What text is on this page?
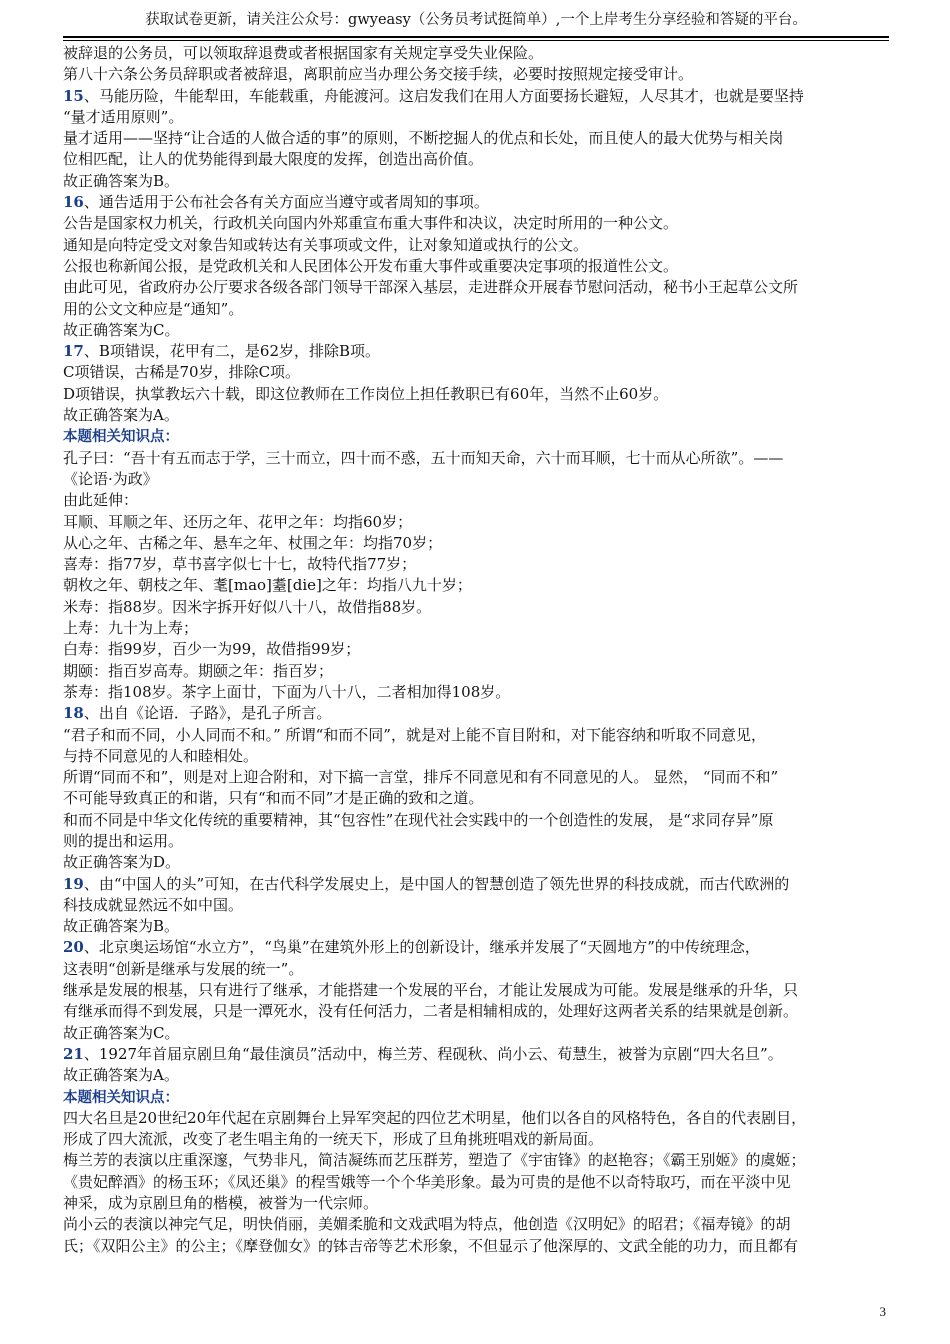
获取试卷更新，请关注公众号：gwyeasy（公务员考试挺简单）,一个上岸考生分享经验和答疑的平台。
被辞退的公务员，可以领取辞退费或者根据国家有关规定享受失业保险。
第八十六条公务员辞职或者被辞退，离职前应当办理公务交接手续，必要时按照规定接受审计。
15、马能历险，牛能犁田，车能载重，舟能渡河。这启发我们在用人方面要扬长避短，人尽其才，也就是要坚持
“量才适用原则”。
量才适用——坚持“让合适的人做合适的事”的原则，不断挖掘人的优点和长处，而且使人的最大优势与相关岗
位相匹配，让人的优势能得到最大限度的发挥，创造出高价值。
故正确答案为B。
16、通告适用于公布社会各有关方面应当遵守或者周知的事项。
公告是国家权力机关，行政机关向国内外郑重宣布重大事件和决议，决定时所用的一种公文。
通知是向特定受文对象告知或转达有关事项或文件，让对象知道或执行的公文。
公报也称新闻公报，是党政机关和人民团体公开发布重大事件或重要决定事项的报道性公文。
由此可见，省政府办公厅要求各级各部门领导干部深入基层，走进群众开展春节慰问活动，秘书小王起草公文所
用的公文文种应是“通知”。
故正确答案为C。
17、B项错误，花甲有二，是62岁，排除B项。
C项错误，古稀是70岁，排除C项。
D项错误，执掌教坛六十载，即这位教师在工作岗位上担任教职已有60年，当然不止60岁。
故正确答案为A。
本题相关知识点：
孔子曰：“吾十有五而志于学，三十而立，四十而不惑，五十而知天命，六十而耳顺，七十而从心所欲”。——
《论语·为政》
由此延伸：
耳顺、耳顺之年、还历之年、花甲之年：均指60岁；
从心之年、古稀之年、悬车之年、杖围之年：均指70岁；
喜寿：指77岁，草书喜字似七十七，故特代指77岁；
朝枚之年、朝枝之年、耄[mao]耋[die]之年：均指八九十岁；
米寿：指88岁。因米字拆开好似八十八，故借指88岁。
上寿：九十为上寿；
白寿：指99岁，百少一为99，故借指99岁；
期颐：指百岁高寿。期颐之年：指百岁；
茶寿：指108岁。茶字上面廿，下面为八十八，二者相加得108岁。
18、出自《论语．子路》，是孔子所言。
“君子和而不同，小人同而不和。” 所谓“和而不同”，就是对上能不盲目附和，对下能容纳和听取不同意见，
与持不同意见的人和睦相处。
所谓“同而不和”，则是对上迎合附和，对下搞一言堂，排斥不同意见和有不同意见的人。 显然， “同而不和”
不可能导致真正的和谐，只有“和而不同”才是正确的致和之道。
和而不同是中华文化传统的重要精神，其“包容性”在现代社会实践中的一个创造性的发展， 是“求同存异”原
则的提出和运用。
故正确答案为D。
19、由“中国人的头”可知，在古代科学发展史上，是中国人的智慧创造了领先世界的科技成就，而古代欧洲的
科技成就显然远不如中国。
故正确答案为B。
20、北京奥运场馆“水立方”，“鸟巢”在建筑外形上的创新设计，继承并发展了“天圆地方”的中传统理念，
这表明“创新是继承与发展的统一”。
继承是发展的根基，只有进行了继承，才能搭建一个发展的平台，才能让发展成为可能。发展是继承的升华，只
有继承而得不到发展，只是一潭死水，没有任何活力，二者是相辅相成的，处理好这两者关系的结果就是创新。
故正确答案为C。
21、1927年首届京剧旦角“最佳演员”活动中，梅兰芳、程砚秋、尚小云、荀慧生，被誉为京剧“四大名旦”。
故正确答案为A。
本题相关知识点：
四大名旦是20世纪20年代起在京剧舞台上异军突起的四位艺术明星，他们以各自的风格特色，各自的代表剧目，
形成了四大流派，改变了老生唱主角的一统天下，形成了旦角挑班唱戏的新局面。
梅兰芳的表演以庄重深邃，气势非凡，简洁凝练而艺压群芳，塑造了《宇宙锋》的赵艳容；《霸王别姬》的虞姬；
《贵妃醉酒》的杨玉环；《凤还巢》的程雪娥等一个个华美形象。最为可贵的是他不以奇特取巧，而在平淡中见
神采，成为京剧旦角的楷模，被誉为一代宗师。
尚小云的表演以神完气足，明快俏丽，美媚柔脆和文戏武唱为特点，他创造《汉明妃》的昭君；《福寿镜》的胡
氏；《双阳公主》的公主；《摩登伽女》的钵吉帝等艺术形象，不但显示了他深厚的、文武全能的功力，而且都有
3
